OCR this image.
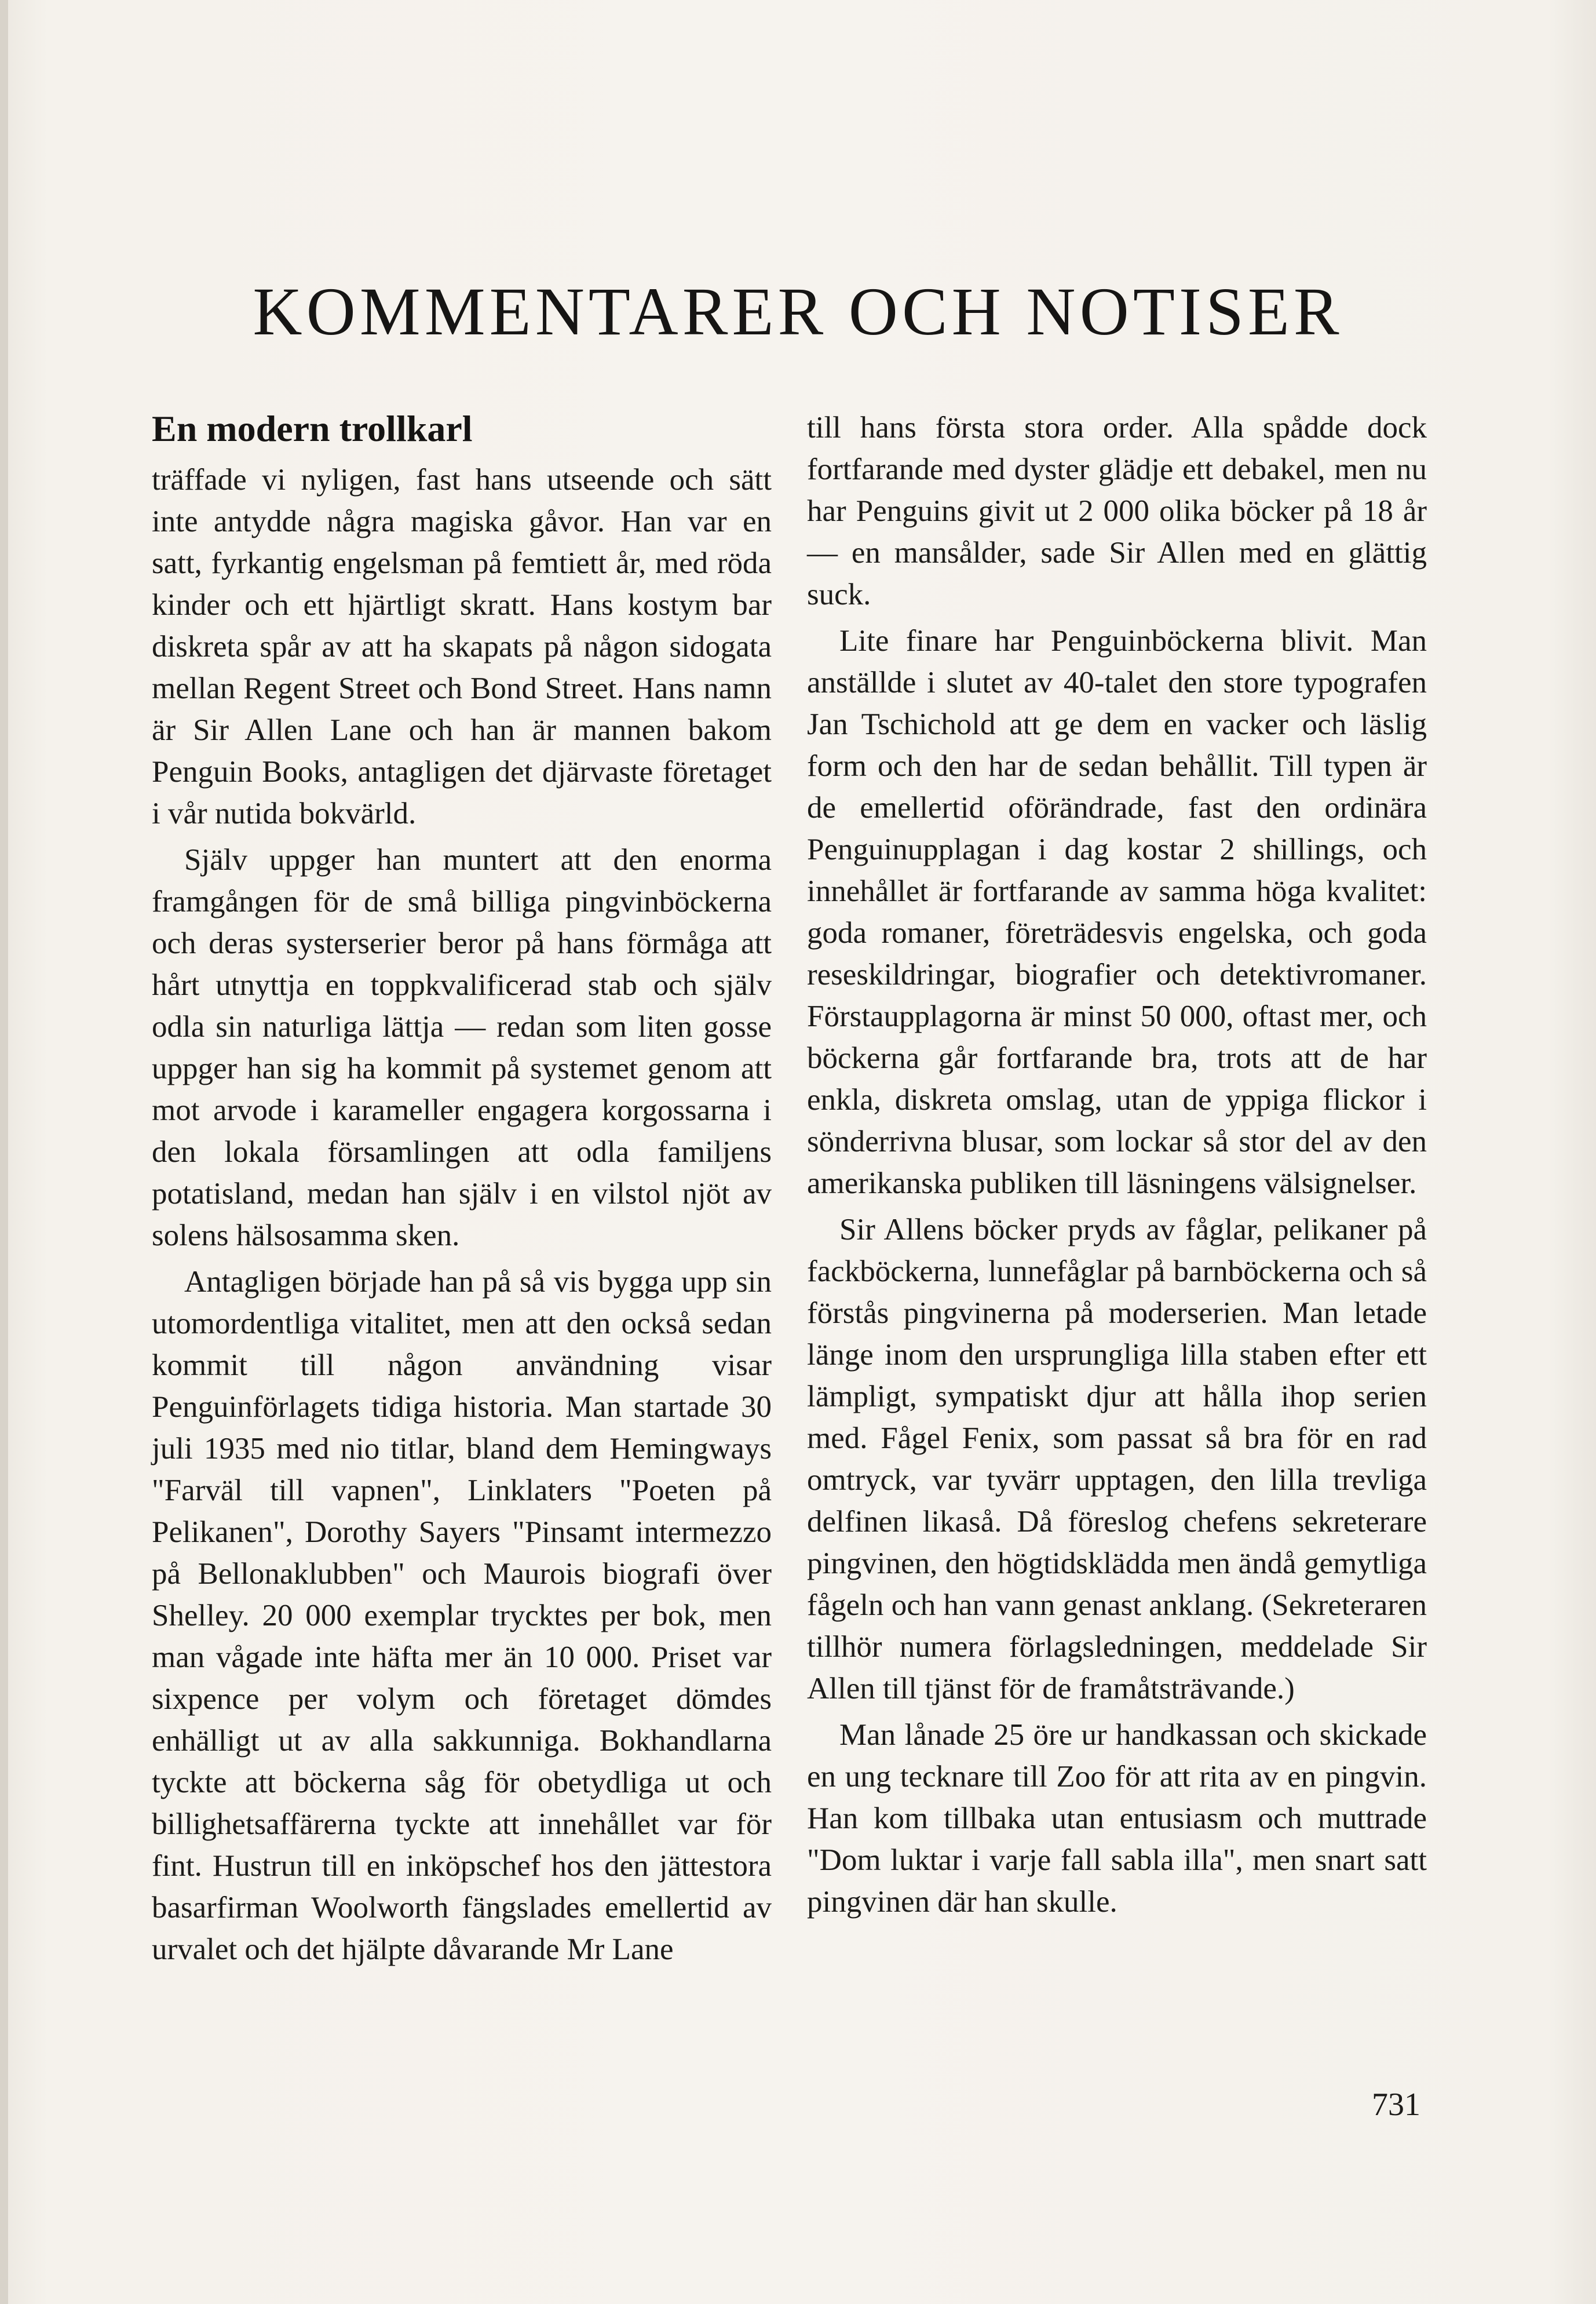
KOMMENTARER OCH NOTISER
En modern trollkarl

träffade vi nyligen, fast hans utseende och sätt inte antydde några magiska gåvor. Han var en satt, fyrkantig engelsman på femtiett år, med röda kinder och ett hjärtligt skratt. Hans kostym bar diskreta spår av att ha skapats på någon sidogata mellan Regent Street och Bond Street. Hans namn är Sir Allen Lane och han är mannen bakom Penguin Books, antagligen det djärvaste företaget i vår nutida bokvärld.

Själv uppger han muntert att den enorma framgången för de små billiga pingvinböckerna och deras systerserier beror på hans förmåga att hårt utnyttja en toppkvalificerad stab och själv odla sin naturliga lättja — redan som liten gosse uppger han sig ha kommit på systemet genom att mot arvode i karameller engagera korgossarna i den lokala församlingen att odla familjens potatisland, medan han själv i en vilstol njöt av solens hälsosamma sken.

Antagligen började han på så vis bygga upp sin utomordentliga vitalitet, men att den också sedan kommit till någon användning visar Penguinförlagets tidiga historia. Man startade 30 juli 1935 med nio titlar, bland dem Hemingways "Farväl till vapnen", Linklaters "Poeten på Pelikanen", Dorothy Sayers "Pinsamt intermezzo på Bellonaklubben" och Maurois biografi över Shelley. 20 000 exemplar trycktes per bok, men man vågade inte häfta mer än 10 000. Priset var sixpence per volym och företaget dömdes enhälligt ut av alla sakkunniga. Bokhandlarna tyckte att böckerna såg för obetydliga ut och billighetsaffärerna tyckte att innehållet var för fint. Hustrun till en inköpschef hos den jättestora basarfirman Woolworth fängslades emellertid av urvalet och det hjälpte dåvarande Mr Lane

till hans första stora order. Alla spådde dock fortfarande med dyster glädje ett debakel, men nu har Penguins givit ut 2 000 olika böcker på 18 år — en mansålder, sade Sir Allen med en glättig suck.

Lite finare har Penguinböckerna blivit. Man anställde i slutet av 40-talet den store typografen Jan Tschichold att ge dem en vacker och läslig form och den har de sedan behållit. Till typen är de emellertid oförändrade, fast den ordinära Penguinupplagan i dag kostar 2 shillings, och innehållet är fortfarande av samma höga kvalitet: goda romaner, företrädesvis engelska, och goda reseskildringar, biografier och detektivromaner. Förstaupplagorna är minst 50 000, oftast mer, och böckerna går fortfarande bra, trots att de har enkla, diskreta omslag, utan de yppiga flickor i sönderrivna blusar, som lockar så stor del av den amerikanska publiken till läsningens välsignelser.

Sir Allens böcker pryds av fåglar, pelikaner på fackböckerna, lunnefåglar på barnböckerna och så förstås pingvinerna på moderserien. Man letade länge inom den ursprungliga lilla staben efter ett lämpligt, sympatiskt djur att hålla ihop serien med. Fågel Fenix, som passat så bra för en rad omtryck, var tyvärr upptagen, den lilla trevliga delfinen likaså. Då föreslog chefens sekreterare pingvinen, den högtidsklädda men ändå gemytliga fågeln och han vann genast anklang. (Sekreteraren tillhör numera förlagsledningen, meddelade Sir Allen till tjänst för de framåtsträvande.)

Man lånade 25 öre ur handkassan och skickade en ung tecknare till Zoo för att rita av en pingvin. Han kom tillbaka utan entusiasm och muttrade "Dom luktar i varje fall sabla illa", men snart satt pingvinen där han skulle.

731
